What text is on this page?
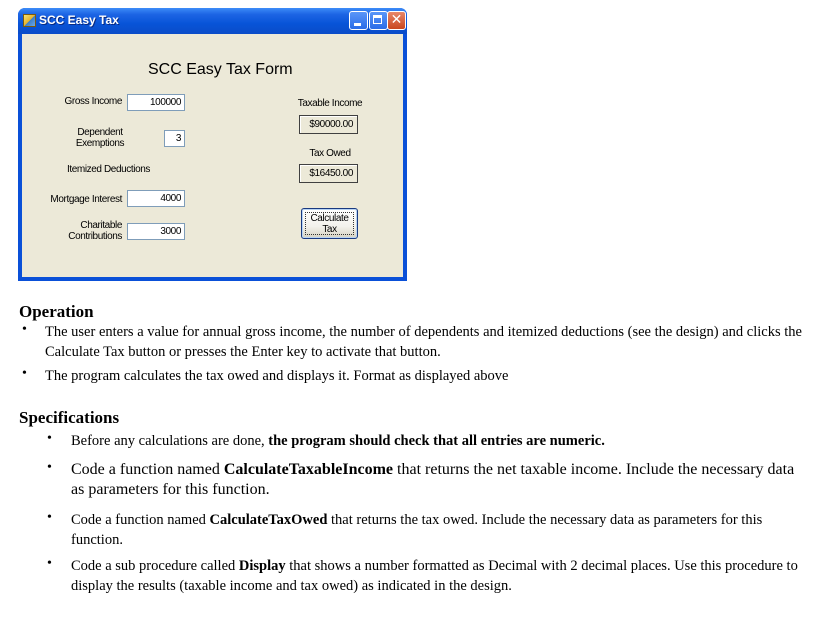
SCC Easy Tax	✕
SCC Easy Tax Form
Gross Income	100000
Dependent
Exemptions	3
Itemized Deductions
Mortgage Interest	4000
Charitable
Contributions	3000
Taxable Income
$90000.00
Tax Owed
$16450.00
Calculate
Tax
Operation
• The user enters a value for annual gross income, the number of dependents and itemized deductions (see the design) and clicks the Calculate Tax button or presses the Enter key to activate that button.
• The program calculates the tax owed and displays it. Format as displayed above
Specifications
• Before any calculations are done, the program should check that all entries are numeric.
• Code a function named CalculateTaxableIncome that returns the net taxable income. Include the necessary data as parameters for this function.
• Code a function named CalculateTaxOwed that returns the tax owed. Include the necessary data as parameters for this function.
• Code a sub procedure called Display that shows a number formatted as Decimal with 2 decimal places. Use this procedure to display the results (taxable income and tax owed) as indicated in the design.
